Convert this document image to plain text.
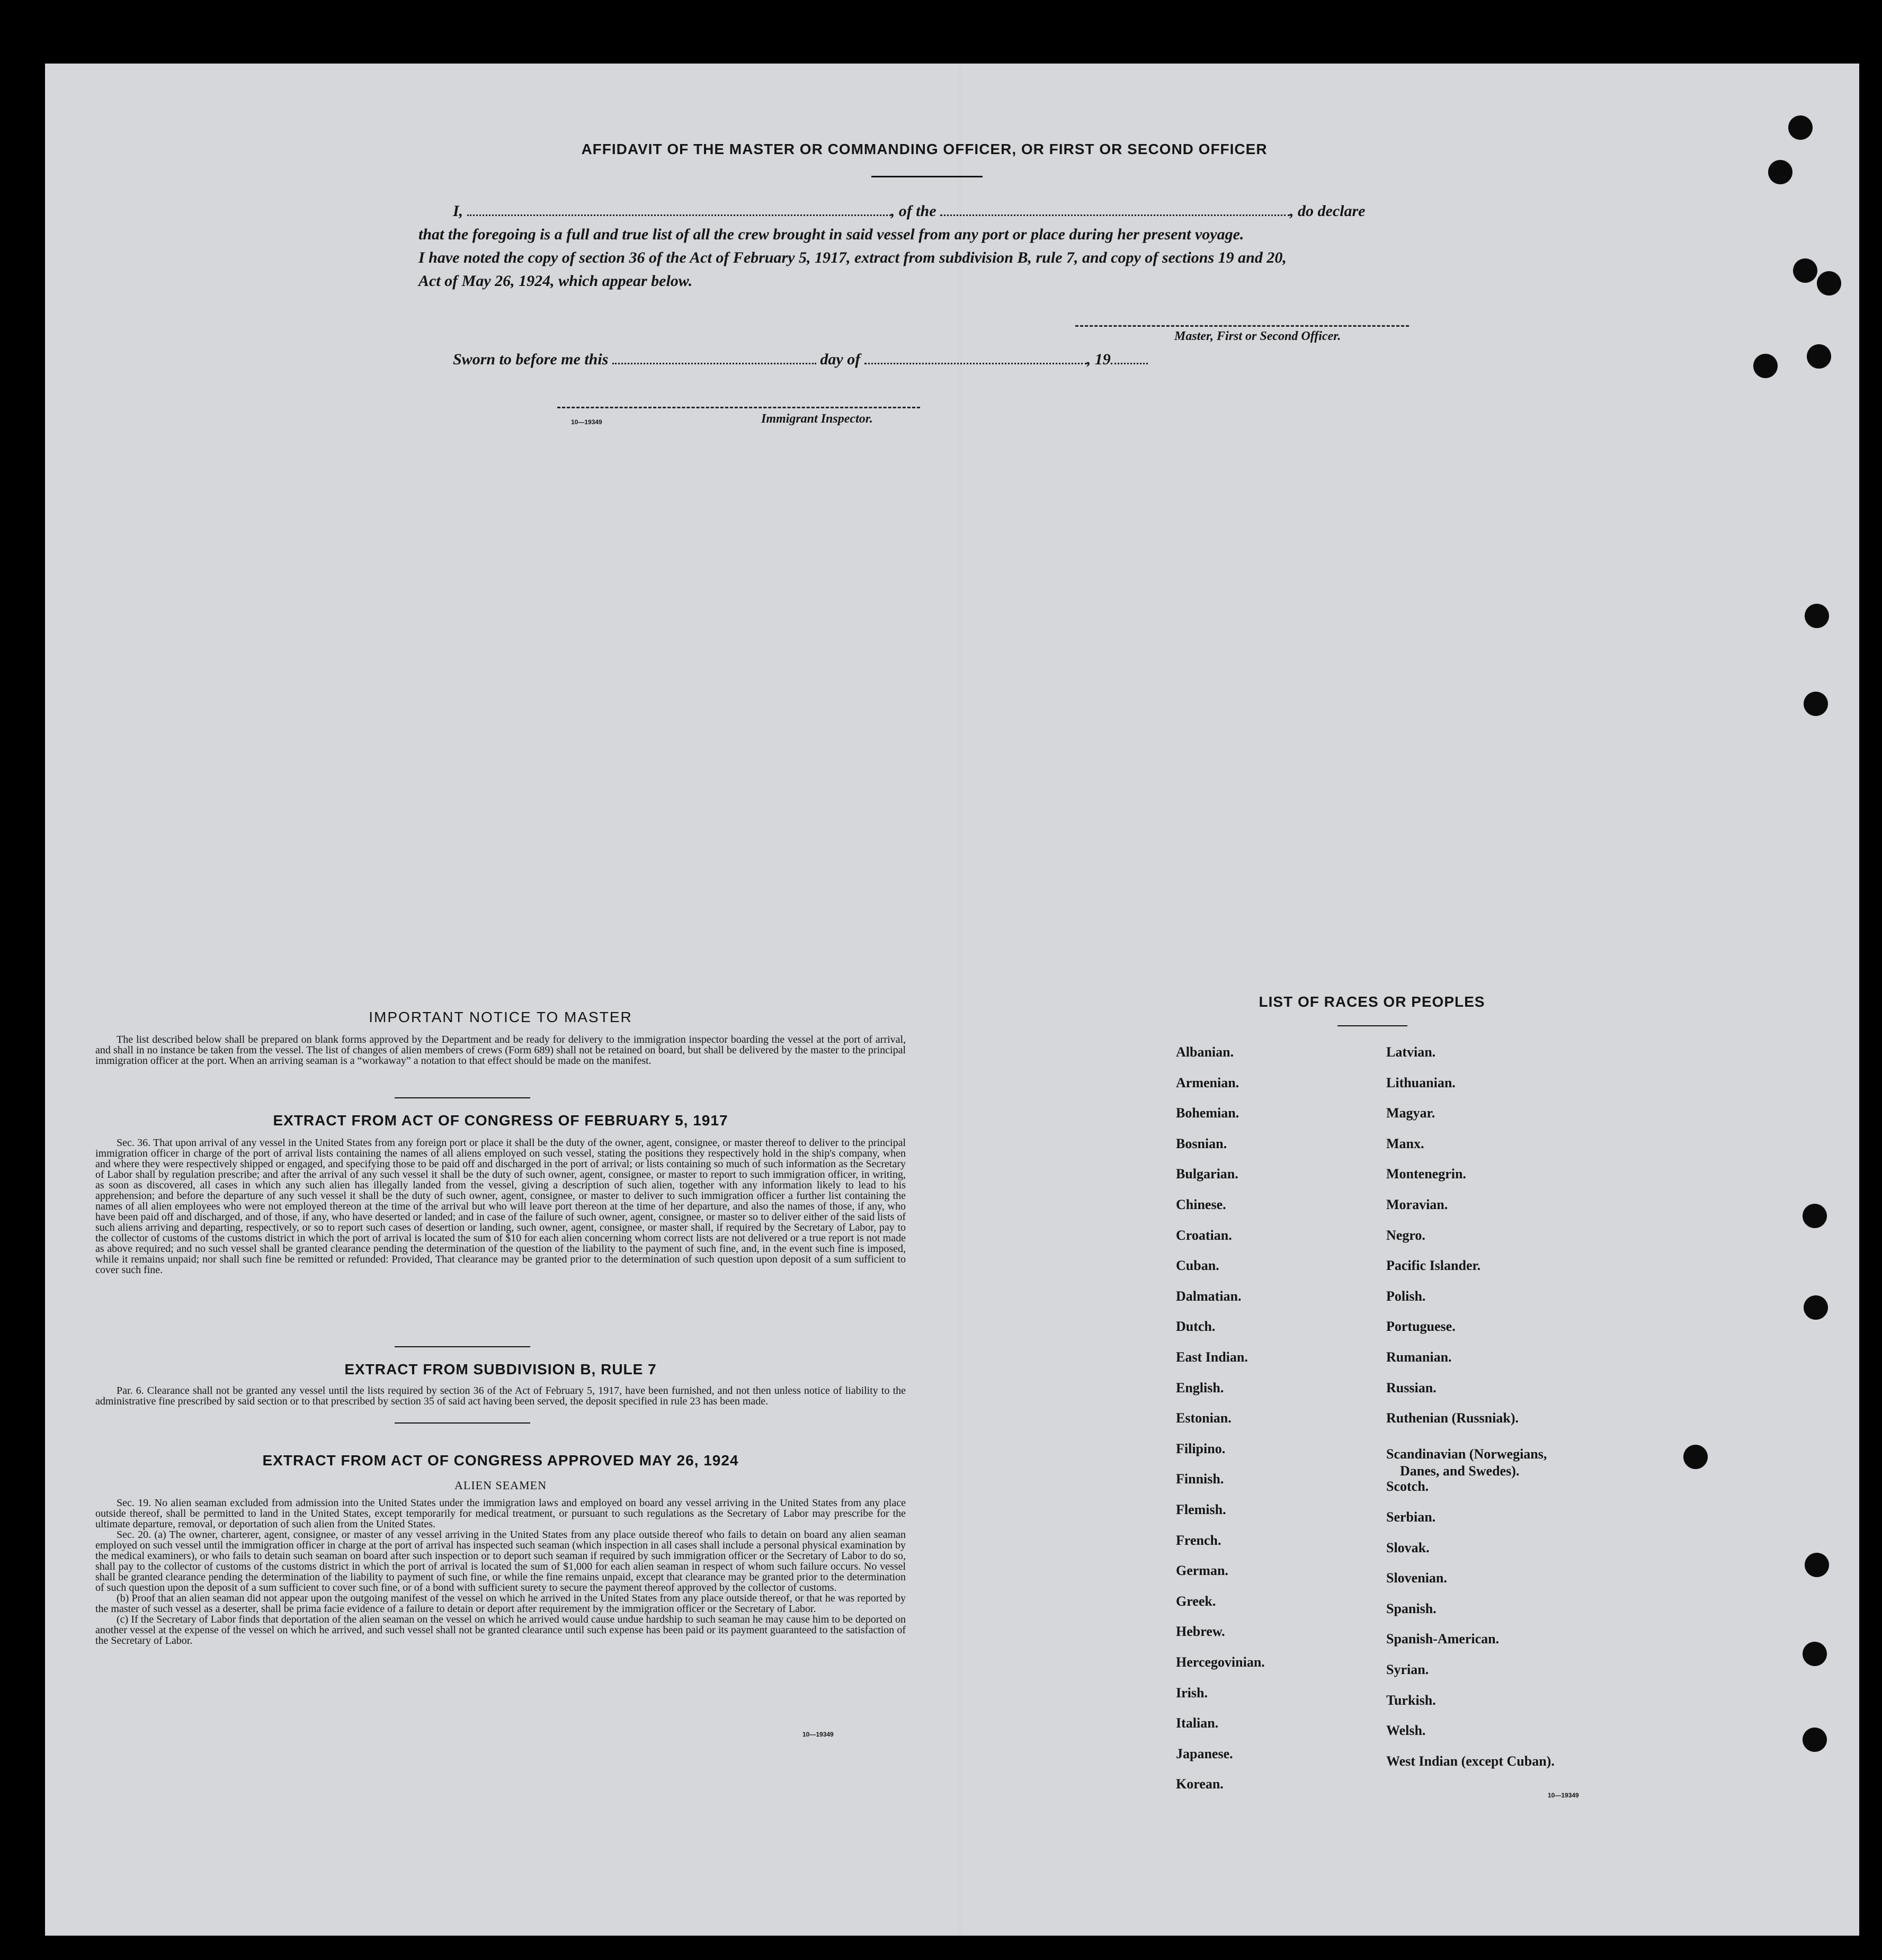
AFFIDAVIT OF THE MASTER OR COMMANDING OFFICER, OR FIRST OR SECOND OFFICER
I,	, of the	, do declare
that the foregoing is a full and true list of all the crew brought in said vessel from any port or place during her present voyage.
I have noted the copy of section 36 of the Act of February 5, 1917, extract from subdivision B, rule 7, and copy of sections 19 and 20,
Act of May 26, 1924, which appear below.
Master, First or Second Officer.
Sworn to before me this	day of	, 19
10—19349	Immigrant Inspector.
IMPORTANT NOTICE TO MASTER

The list described below shall be prepared on blank forms approved by the Department and be ready for delivery to the immigration inspector boarding the vessel at the port of arrival, and shall in no instance be taken from the vessel. The list of changes of alien members of crews (Form 689) shall not be retained on board, but shall be delivered by the master to the principal immigration officer at the port. When an arriving seaman is a “workaway” a notation to that effect should be made on the manifest.

EXTRACT FROM ACT OF CONGRESS OF FEBRUARY 5, 1917

Sec. 36. That upon arrival of any vessel in the United States from any foreign port or place it shall be the duty of the owner, agent, consignee, or master thereof to deliver to the principal immigration officer in charge of the port of arrival lists containing the names of all aliens employed on such vessel, stating the positions they respectively hold in the ship's company, when and where they were respectively shipped or engaged, and specifying those to be paid off and discharged in the port of arrival; or lists containing so much of such information as the Secretary of Labor shall by regulation prescribe; and after the arrival of any such vessel it shall be the duty of such owner, agent, consignee, or master to report to such immigration officer, in writing, as soon as discovered, all cases in which any such alien has illegally landed from the vessel, giving a description of such alien, together with any information likely to lead to his apprehension; and before the departure of any such vessel it shall be the duty of such owner, agent, consignee, or master to deliver to such immigration officer a further list containing the names of all alien employees who were not employed thereon at the time of the arrival but who will leave port thereon at the time of her departure, and also the names of those, if any, who have been paid off and discharged, and of those, if any, who have deserted or landed; and in case of the failure of such owner, agent, consignee, or master so to deliver either of the said lists of such aliens arriving and departing, respectively, or so to report such cases of desertion or landing, such owner, agent, consignee, or master shall, if required by the Secretary of Labor, pay to the collector of customs of the customs district in which the port of arrival is located the sum of $10 for each alien concerning whom correct lists are not delivered or a true report is not made as above required; and no such vessel shall be granted clearance pending the determination of the question of the liability to the payment of such fine, and, in the event such fine is imposed, while it remains unpaid; nor shall such fine be remitted or refunded: Provided, That clearance may be granted prior to the determination of such question upon deposit of a sum sufficient to cover such fine.

EXTRACT FROM SUBDIVISION B, RULE 7

Par. 6. Clearance shall not be granted any vessel until the lists required by section 36 of the Act of February 5, 1917, have been furnished, and not then unless notice of liability to the administrative fine prescribed by said section or to that prescribed by section 35 of said act having been served, the deposit specified in rule 23 has been made.

EXTRACT FROM ACT OF CONGRESS APPROVED MAY 26, 1924
ALIEN SEAMEN

Sec. 19. No alien seaman excluded from admission into the United States under the immigration laws and employed on board any vessel arriving in the United States from any place outside thereof, shall be permitted to land in the United States, except temporarily for medical treatment, or pursuant to such regulations as the Secretary of Labor may prescribe for the ultimate departure, removal, or deportation of such alien from the United States.

Sec. 20. (a) The owner, charterer, agent, consignee, or master of any vessel arriving in the United States from any place outside thereof who fails to detain on board any alien seaman employed on such vessel until the immigration officer in charge at the port of arrival has inspected such seaman (which inspection in all cases shall include a personal physical examination by the medical examiners), or who fails to detain such seaman on board after such inspection or to deport such seaman if required by such immigration officer or the Secretary of Labor to do so, shall pay to the collector of customs of the customs district in which the port of arrival is located the sum of $1,000 for each alien seaman in respect of whom such failure occurs. No vessel shall be granted clearance pending the determination of the liability to payment of such fine, or while the fine remains unpaid, except that clearance may be granted prior to the determination of such question upon the deposit of a sum sufficient to cover such fine, or of a bond with sufficient surety to secure the payment thereof approved by the collector of customs.

(b) Proof that an alien seaman did not appear upon the outgoing manifest of the vessel on which he arrived in the United States from any place outside thereof, or that he was reported by the master of such vessel as a deserter, shall be prima facie evidence of a failure to detain or deport after requirement by the immigration officer or the Secretary of Labor.

(c) If the Secretary of Labor finds that deportation of the alien seaman on the vessel on which he arrived would cause undue hardship to such seaman he may cause him to be deported on another vessel at the expense of the vessel on which he arrived, and such vessel shall not be granted clearance until such expense has been paid or its payment guaranteed to the satisfaction of the Secretary of Labor.

10—19349
LIST OF RACES OR PEOPLES
10—19349
Albanian.
Armenian.
Bohemian.
Bosnian.
Bulgarian.
Chinese.
Croatian.
Cuban.
Dalmatian.
Dutch.
East Indian.
English.
Estonian.
Filipino.
Finnish.
Flemish.
French.
German.
Greek.
Hebrew.
Hercegovinian.
Irish.
Italian.
Japanese.
Korean.
Latvian.
Lithuanian.
Magyar.
Manx.
Montenegrin.
Moravian.
Negro.
Pacific Islander.
Polish.
Portuguese.
Rumanian.
Russian.
Ruthenian (Russniak).
Scandinavian (Norwegians,
Danes, and Swedes).
Scotch.
Serbian.
Slovak.
Slovenian.
Spanish.
Spanish-American.
Syrian.
Turkish.
Welsh.
West Indian (except Cuban).
